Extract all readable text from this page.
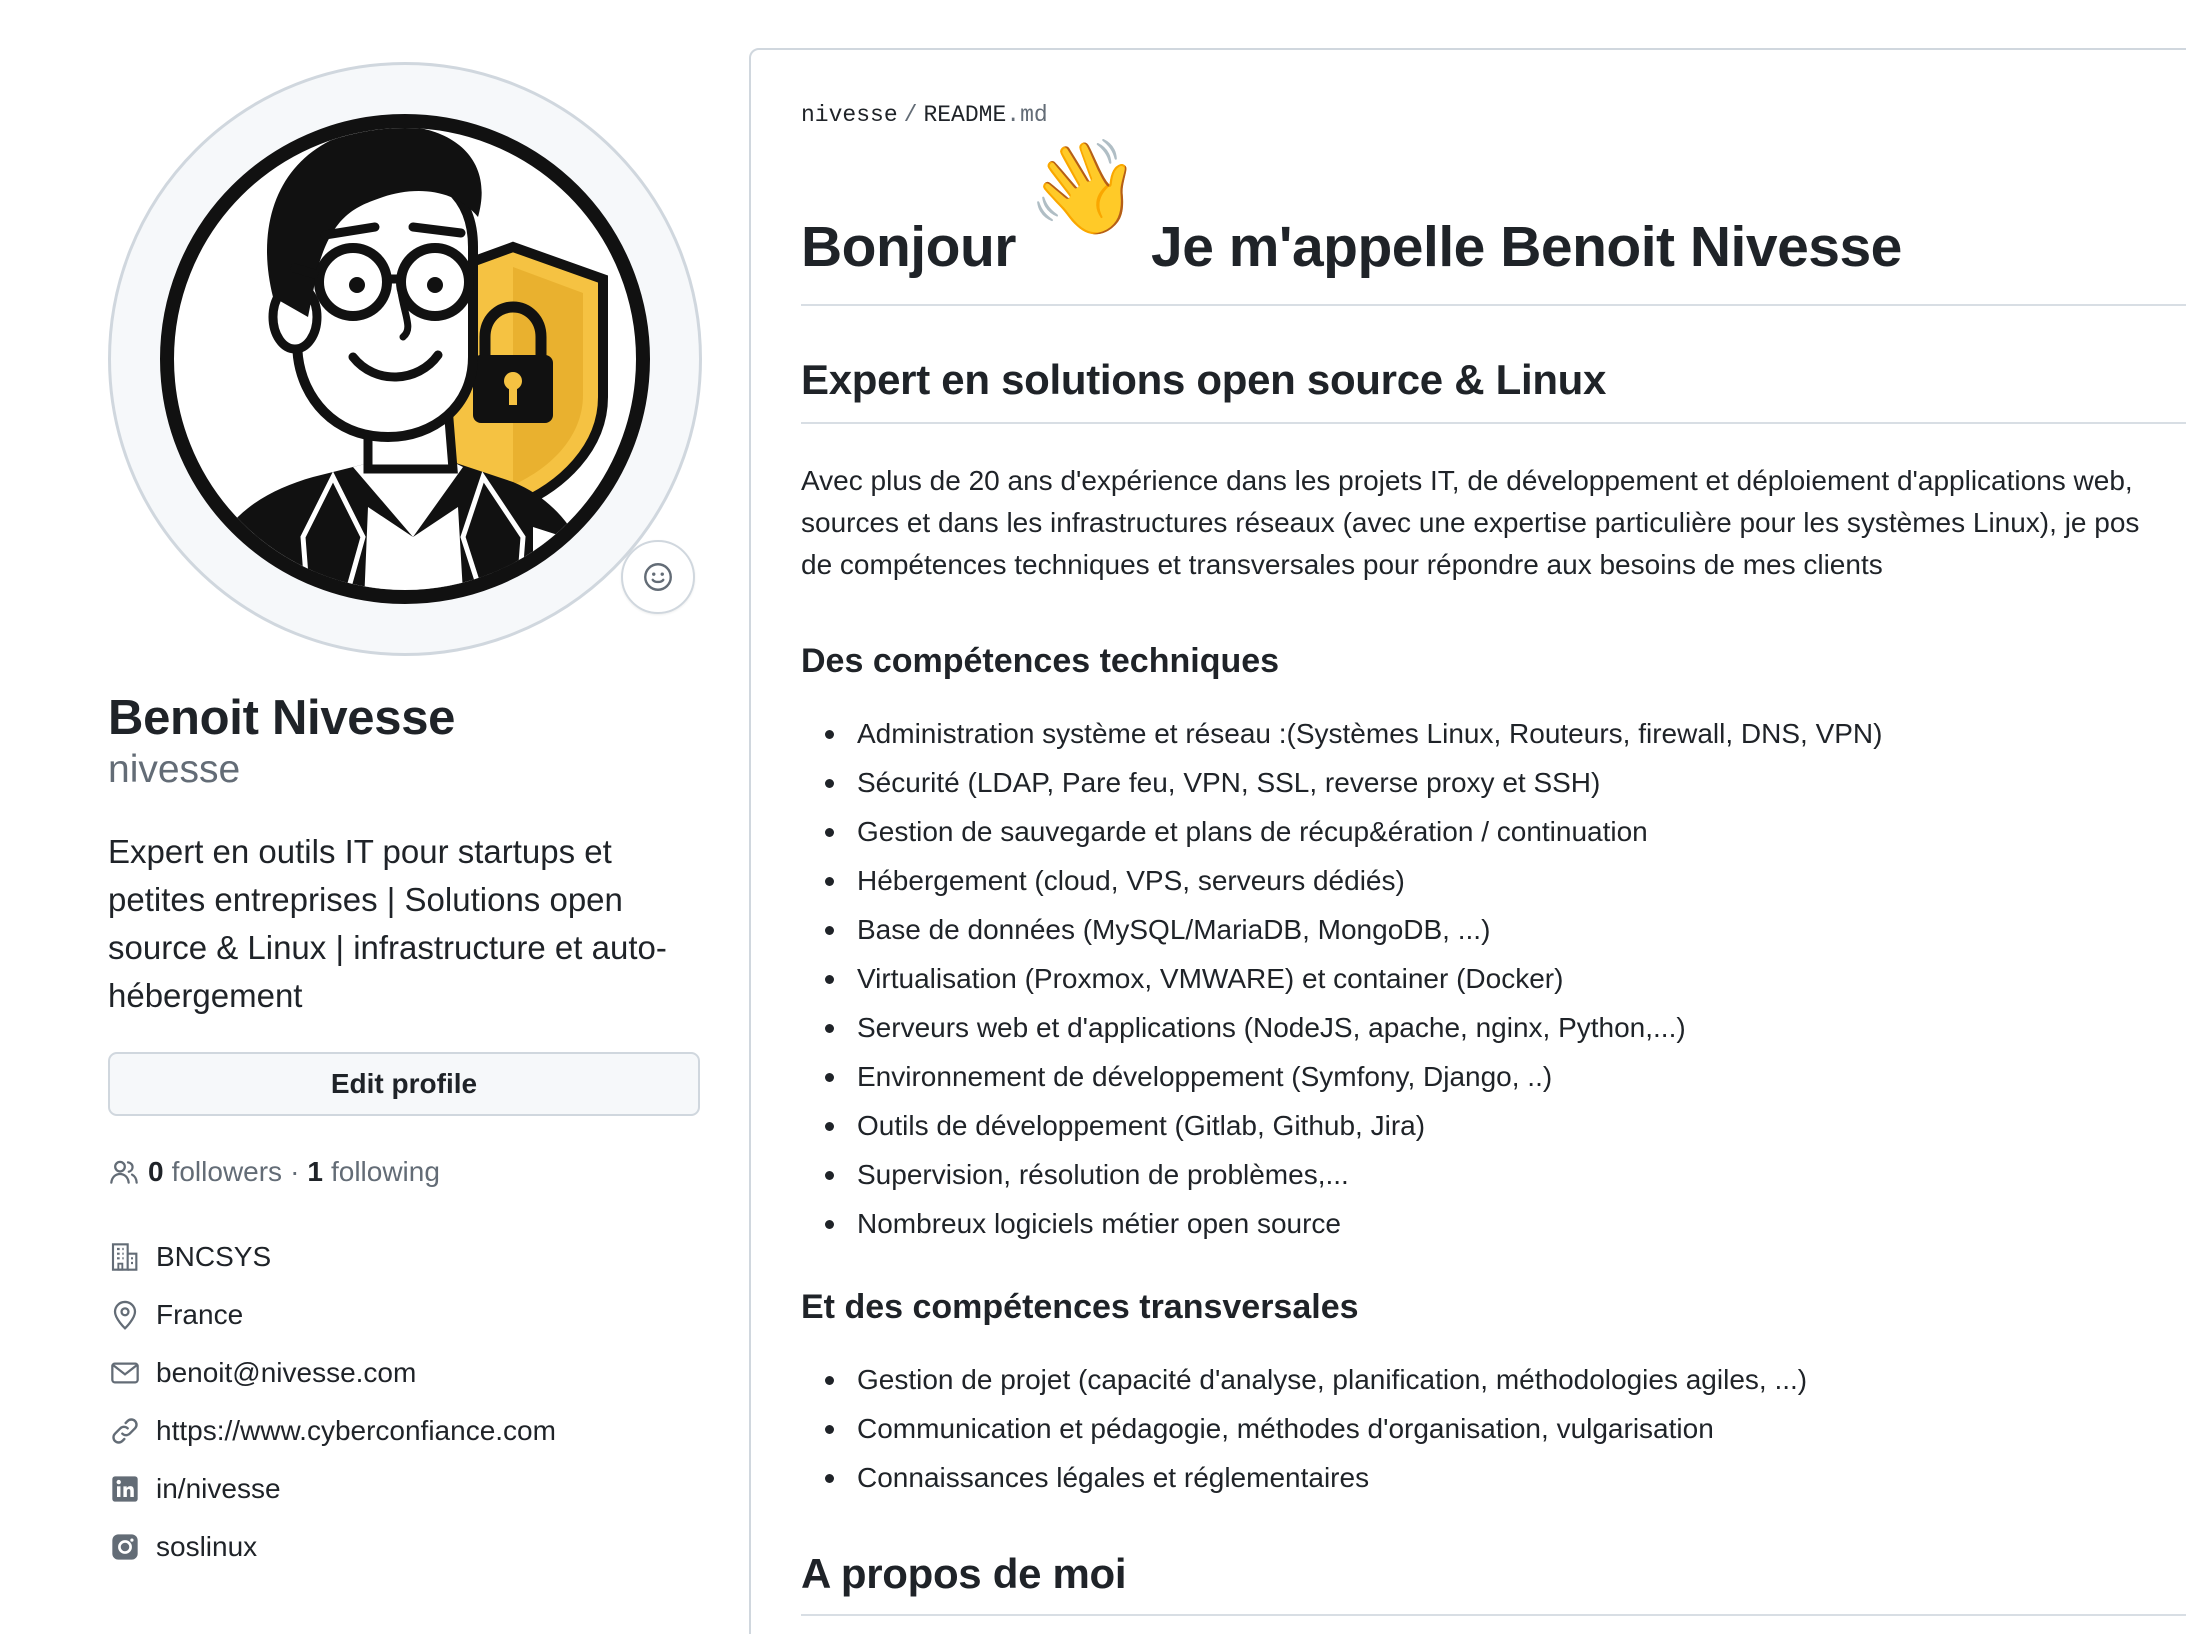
Benoit Nivesse
nivesse
Expert en outils IT pour startups et petites entreprises | Solutions open source & Linux | infrastructure et auto-hébergement
Edit profile
0 followers · 1 following
BNCSYS
France
benoit@nivesse.com
https://www.cyberconfiance.com
in/nivesse
soslinux
nivesse / README.md
Bonjour
👋
Je m'appelle Benoit Nivesse
Expert en solutions open source & Linux
Avec plus de 20 ans d'expérience dans les projets IT, de développement et déploiement d'applications web,
sources et dans les infrastructures réseaux (avec une expertise particulière pour les systèmes Linux), je pos
de compétences techniques et transversales pour répondre aux besoins de mes clients
Des compétences techniques
Administration système et réseau :(Systèmes Linux, Routeurs, firewall, DNS, VPN)
Sécurité (LDAP, Pare feu, VPN, SSL, reverse proxy et SSH)
Gestion de sauvegarde et plans de récup&ération / continuation
Hébergement (cloud, VPS, serveurs dédiés)
Base de données (MySQL/MariaDB, MongoDB, ...)
Virtualisation (Proxmox, VMWARE) et container (Docker)
Serveurs web et d'applications (NodeJS, apache, nginx, Python,...)
Environnement de développement (Symfony, Django, ..)
Outils de développement (Gitlab, Github, Jira)
Supervision, résolution de problèmes,...
Nombreux logiciels métier open source
Et des compétences transversales
Gestion de projet (capacité d'analyse, planification, méthodologies agiles, ...)
Communication et pédagogie, méthodes d'organisation, vulgarisation
Connaissances légales et réglementaires
A propos de moi
